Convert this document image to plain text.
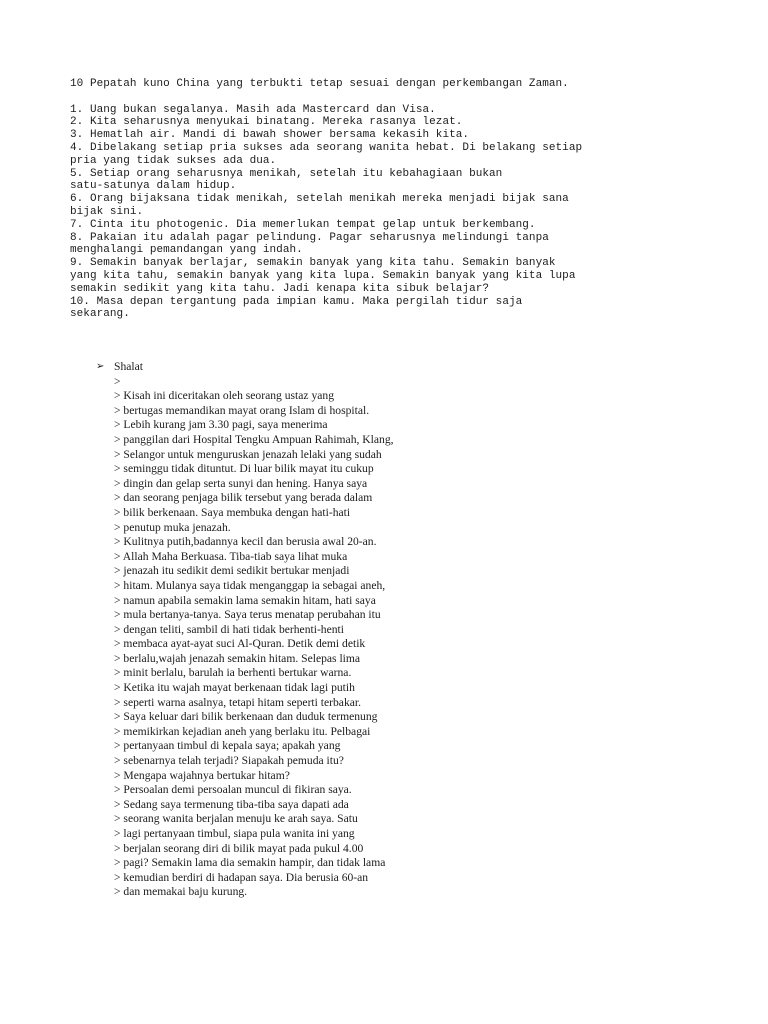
10 Pepatah kuno China yang terbukti tetap sesuai dengan perkembangan Zaman.

1. Uang bukan segalanya. Masih ada Mastercard dan Visa.

2. Kita seharusnya menyukai binatang. Mereka rasanya lezat.

3. Hematlah air. Mandi di bawah shower bersama kekasih kita.

4. Dibelakang setiap pria sukses ada seorang wanita hebat. Di belakang setiap

pria yang tidak sukses ada dua.

5. Setiap orang seharusnya menikah, setelah itu kebahagiaan bukan

satu-satunya dalam hidup.

6. Orang bijaksana tidak menikah, setelah menikah mereka menjadi bijak sana

bijak sini.

7. Cinta itu photogenic. Dia memerlukan tempat gelap untuk berkembang.

8. Pakaian itu adalah pagar pelindung. Pagar seharusnya melindungi tanpa

menghalangi pemandangan yang indah.

9. Semakin banyak berlajar, semakin banyak yang kita tahu. Semakin banyak

yang kita tahu, semakin banyak yang kita lupa. Semakin banyak yang kita lupa

semakin sedikit yang kita tahu. Jadi kenapa kita sibuk belajar?

10. Masa depan tergantung pada impian kamu. Maka pergilah tidur saja

sekarang.

➢ Shalat

>

> Kisah ini diceritakan oleh seorang ustaz yang

> bertugas memandikan mayat orang Islam di hospital.

> Lebih kurang jam 3.30 pagi, saya menerima

> panggilan dari Hospital Tengku Ampuan Rahimah, Klang,

> Selangor untuk menguruskan jenazah lelaki yang sudah

> seminggu tidak dituntut. Di luar bilik mayat itu cukup

> dingin dan gelap serta sunyi dan hening. Hanya saya

> dan seorang penjaga bilik tersebut yang berada dalam

> bilik berkenaan. Saya membuka dengan hati-hati

> penutup muka jenazah.

> Kulitnya putih,badannya kecil dan berusia awal 20-an.

> Allah Maha Berkuasa. Tiba-tiab saya lihat muka

> jenazah itu sedikit demi sedikit bertukar menjadi

> hitam. Mulanya saya tidak menganggap ia sebagai aneh,

> namun apabila semakin lama semakin hitam, hati saya

> mula bertanya-tanya. Saya terus menatap perubahan itu

> dengan teliti, sambil di hati tidak berhenti-henti

> membaca ayat-ayat suci Al-Quran. Detik demi detik

> berlalu,wajah jenazah semakin hitam. Selepas lima

> minit berlalu, barulah ia berhenti bertukar warna.

> Ketika itu wajah mayat berkenaan tidak lagi putih

> seperti warna asalnya, tetapi hitam seperti terbakar.

> Saya keluar dari bilik berkenaan dan duduk termenung

> memikirkan kejadian aneh yang berlaku itu. Pelbagai

> pertanyaan timbul di kepala saya; apakah yang

> sebenarnya telah terjadi? Siapakah pemuda itu?

> Mengapa wajahnya bertukar hitam?

> Persoalan demi persoalan muncul di fikiran saya.

> Sedang saya termenung tiba-tiba saya dapati ada

> seorang wanita berjalan menuju ke arah saya. Satu

> lagi pertanyaan timbul, siapa pula wanita ini yang

> berjalan seorang diri di bilik mayat pada pukul 4.00

> pagi? Semakin lama dia semakin hampir, dan tidak lama

> kemudian berdiri di hadapan saya. Dia berusia 60-an

> dan memakai baju kurung.
